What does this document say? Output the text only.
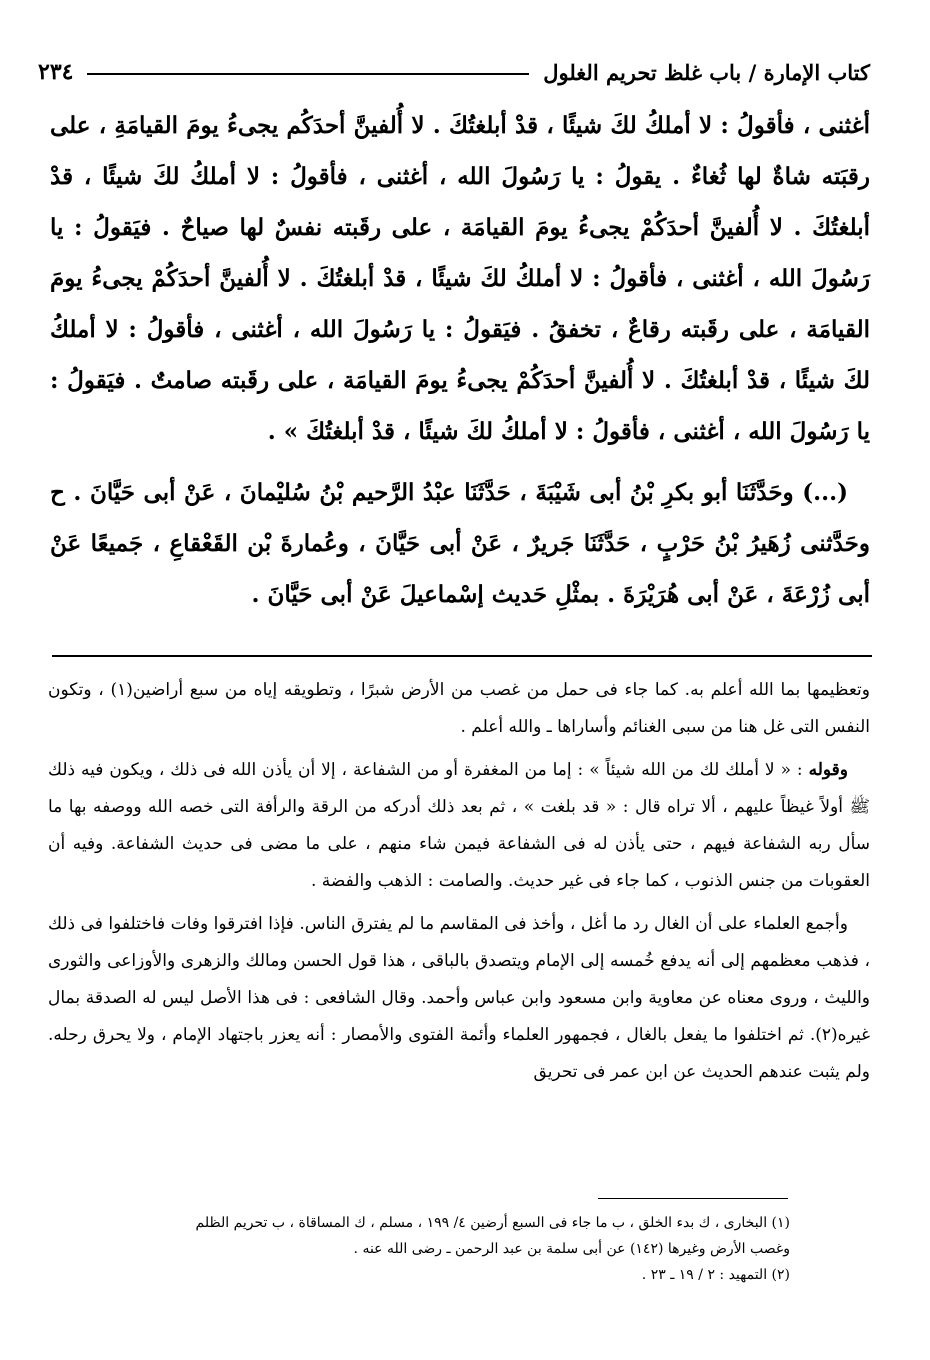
كتاب الإمارة / باب غلظ تحريم الغلول
٢٣٤

أغثنى ، فأقولُ : لا أملكُ لكَ شيئًا ، قدْ أبلغتُكَ . لا أُلفينَّ أحدَكُم يجىءُ يومَ القيامَةِ ، على رقبَته شاةٌ لها ثُغاءٌ . يقولُ : يا رَسُولَ الله ، أغثنى ، فأقولُ : لا أملكُ لكَ شيئًا ، قدْ أبلغتُكَ . لا أُلفينَّ أحدَكُمْ يجىءُ يومَ القيامَة ، على رقَبته نفسٌ لها صياحٌ . فيَقولُ : يا رَسُولَ الله ، أغثنى ، فأقولُ : لا أملكُ لكَ شيئًا ، قدْ أبلغتُكَ . لا أُلفينَّ أحدَكُمْ يجىءُ يومَ القيامَة ، على رقَبته رقاعٌ ، تخفقُ . فيَقولُ : يا رَسُولَ الله ، أغثنى ، فأقولُ : لا أملكُ لكَ شيئًا ، قدْ أبلغتُكَ . لا أُلفينَّ أحدَكُمْ يجىءُ يومَ القيامَة ، على رقَبته صامتٌ . فيَقولُ : يا رَسُولَ الله ، أغثنى ، فأقولُ : لا أملكُ لكَ شيئًا ، قدْ أبلغتُكَ » .

(...) وحَدَّثَنَا أبو بكرِ بْنُ أبى شَيْبَةَ ، حَدَّثَنَا عبْدُ الرَّحيم بْنُ سُليْمانَ ، عَنْ أبى حَيَّانَ . ح وحَدَّثنى زُهَيرُ بْنُ حَرْبٍ ، حَدَّثَنَا جَريرٌ ، عَنْ أبى حَيَّانَ ، وعُمارةَ بْن القَعْقاعِ ، جَميعًا عَنْ أبى زُرْعَةَ ، عَنْ أبى هُرَيْرَةَ . بمثْلِ حَديث إسْماعيلَ عَنْ أبى حَيَّانَ .

وتعظيمها بما الله أعلم به. كما جاء فى حمل من غصب من الأرض شبرًا ، وتطويقه إياه من سبع أراضين(١) ، وتكون النفس التى غل هنا من سبى الغنائم وأساراها ـ والله أعلم .

وقوله : « لا أملك لك من الله شيئاً » : إما من المغفرة أو من الشفاعة ، إلا أن يأذن الله فى ذلك ، ويكون فيه ذلك ﷺ أولاً غيظاً عليهم ، ألا تراه قال : « قد بلغت » ، ثم بعد ذلك أدركه من الرقة والرأفة التى خصه الله ووصفه بها ما سأل ربه الشفاعة فيهم ، حتى يأذن له فى الشفاعة فيمن شاء منهم ، على ما مضى فى حديث الشفاعة. وفيه أن العقوبات من جنس الذنوب ، كما جاء فى غير حديث. والصامت : الذهب والفضة .

وأجمع العلماء على أن الغال رد ما أغل ، وأخذ فى المقاسم ما لم يفترق الناس. فإذا افترقوا وفات فاختلفوا فى ذلك ، فذهب معظمهم إلى أنه يدفع خُمسه إلى الإمام ويتصدق بالباقى ، هذا قول الحسن ومالك والزهرى والأوزاعى والثورى والليث ، وروى معناه عن معاوية وابن مسعود وابن عباس وأحمد. وقال الشافعى : فى هذا الأصل ليس له الصدقة بمال غيره(٢). ثم اختلفوا ما يفعل بالغال ، فجمهور العلماء وأئمة الفتوى والأمصار : أنه يعزر باجتهاد الإمام ، ولا يحرق رحله. ولم يثبت عندهم الحديث عن ابن عمر فى تحريق

(١) البخارى ، ك بدء الخلق ، ب ما جاء فى السبع أرضين ٤/ ١٩٩ ، مسلم ، ك المساقاة ، ب تحريم الظلم

وغصب الأرض وغيرها (١٤٢) عن أبى سلمة بن عبد الرحمن ـ رضى الله عنه .

(٢) التمهيد : ٢ / ١٩ ـ ٢٣ .
